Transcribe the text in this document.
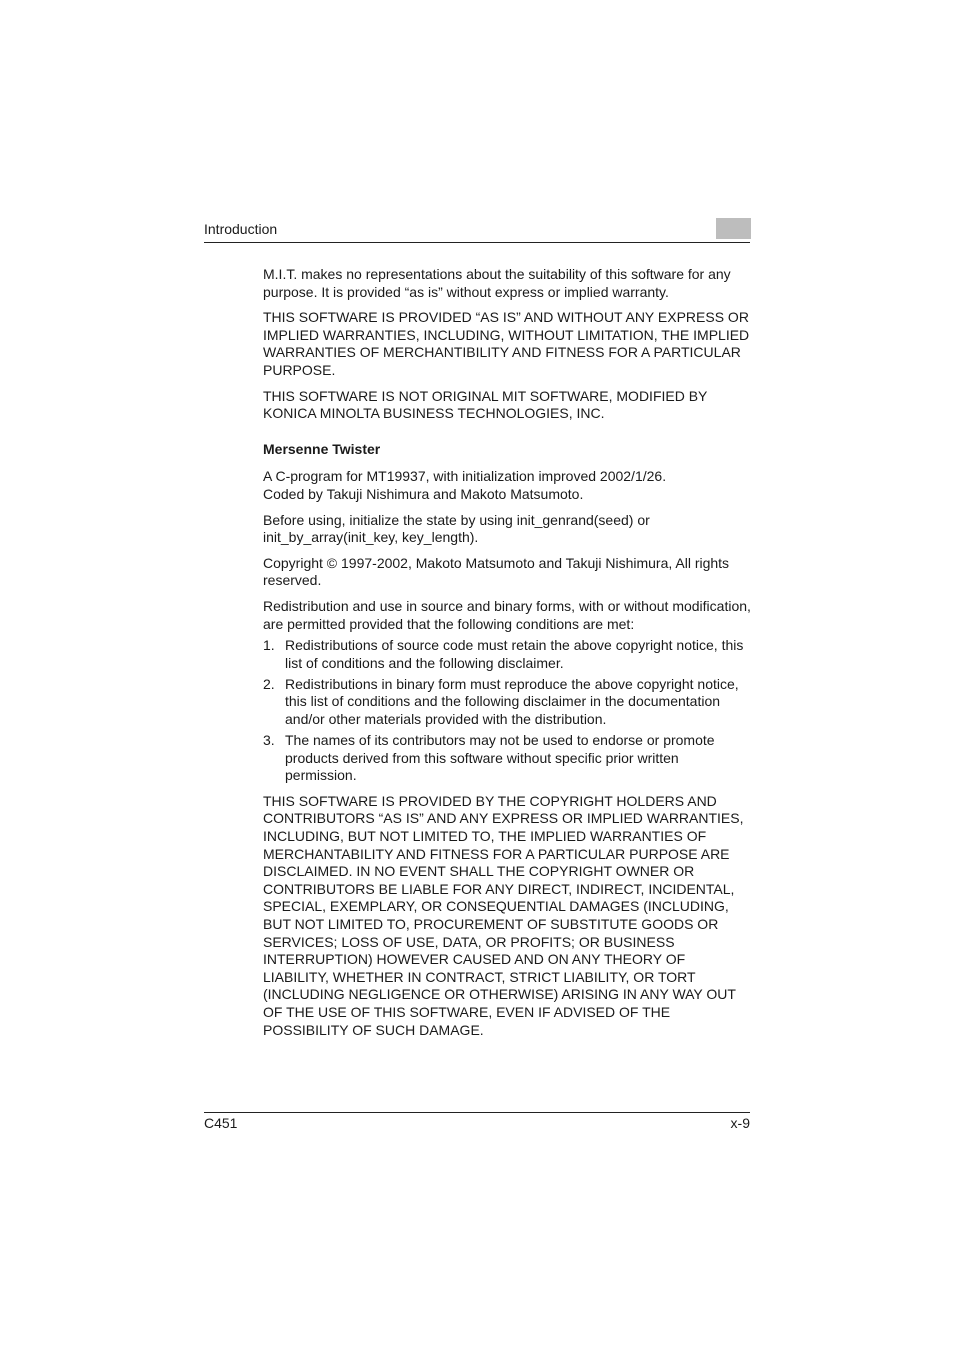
Introduction

M.I.T. makes no representations about the suitability of this software for any purpose. It is provided “as is” without express or implied warranty.

THIS SOFTWARE IS PROVIDED “AS IS” AND WITHOUT ANY EXPRESS OR IMPLIED WARRANTIES, INCLUDING, WITHOUT LIMITATION, THE IMPLIED WARRANTIES OF MERCHANTIBILITY AND FITNESS FOR A PARTICULAR PURPOSE.

THIS SOFTWARE IS NOT ORIGINAL MIT SOFTWARE, MODIFIED BY KONICA MINOLTA BUSINESS TECHNOLOGIES, INC.

Mersenne Twister

A C-program for MT19937, with initialization improved 2002/1/26.
Coded by Takuji Nishimura and Makoto Matsumoto.

Before using, initialize the state by using init_genrand(seed) or init_by_array(init_key, key_length).

Copyright © 1997-2002, Makoto Matsumoto and Takuji Nishimura, All rights reserved.

Redistribution and use in source and binary forms, with or without modification, are permitted provided that the following conditions are met:

1. Redistributions of source code must retain the above copyright notice, this list of conditions and the following disclaimer.
2. Redistributions in binary form must reproduce the above copyright notice, this list of conditions and the following disclaimer in the documentation and/or other materials provided with the distribution.
3. The names of its contributors may not be used to endorse or promote products derived from this software without specific prior written permission.

THIS SOFTWARE IS PROVIDED BY THE COPYRIGHT HOLDERS AND CONTRIBUTORS “AS IS” AND ANY EXPRESS OR IMPLIED WARRANTIES, INCLUDING, BUT NOT LIMITED TO, THE IMPLIED WARRANTIES OF MERCHANTABILITY AND FITNESS FOR A PARTICULAR PURPOSE ARE DISCLAIMED. IN NO EVENT SHALL THE COPYRIGHT OWNER OR CONTRIBUTORS BE LIABLE FOR ANY DIRECT, INDIRECT, INCIDENTAL, SPECIAL, EXEMPLARY, OR CONSEQUENTIAL DAMAGES (INCLUDING, BUT NOT LIMITED TO, PROCUREMENT OF SUBSTITUTE GOODS OR SERVICES; LOSS OF USE, DATA, OR PROFITS; OR BUSINESS INTERRUPTION) HOWEVER CAUSED AND ON ANY THEORY OF LIABILITY, WHETHER IN CONTRACT, STRICT LIABILITY, OR TORT (INCLUDING NEGLIGENCE OR OTHERWISE) ARISING IN ANY WAY OUT OF THE USE OF THIS SOFTWARE, EVEN IF ADVISED OF THE POSSIBILITY OF SUCH DAMAGE.

C451	x-9
